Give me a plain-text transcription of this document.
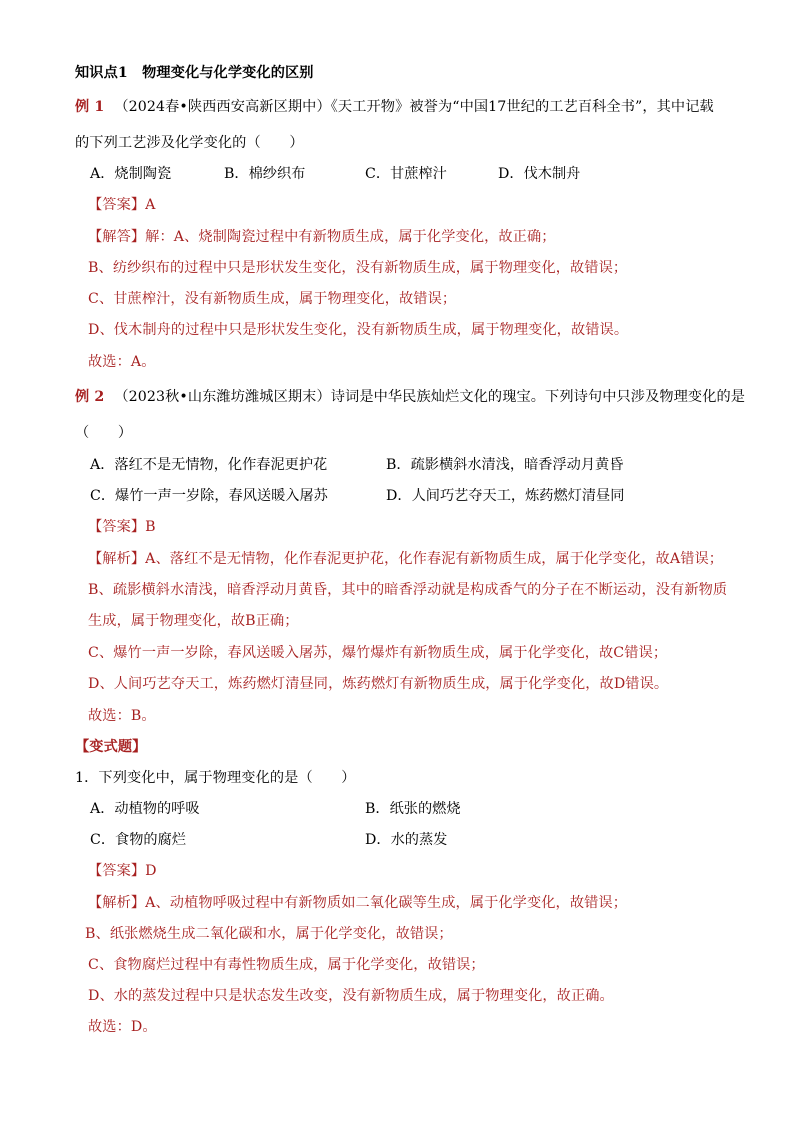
知识点1　物理变化与化学变化的区别
例 1 （2024春•陕西西安高新区期中）《天工开物》被誉为“中国17世纪的工艺百科全书”，其中记载
的下列工艺涉及化学变化的（　　）
A．烧制陶瓷	B．棉纱织布	C．甘蔗榨汁	D．伐木制舟
【答案】A
【解答】解：A、烧制陶瓷过程中有新物质生成，属于化学变化，故正确；
B、纺纱织布的过程中只是形状发生变化，没有新物质生成，属于物理变化，故错误；
C、甘蔗榨汁，没有新物质生成，属于物理变化，故错误；
D、伐木制舟的过程中只是形状发生变化，没有新物质生成，属于物理变化，故错误。
故选：A。
例 2 （2023秋•山东潍坊潍城区期末）诗词是中华民族灿烂文化的瑰宝。下列诗句中只涉及物理变化的是
（　　）
A．落红不是无情物，化作春泥更护花	B．疏影横斜水清浅，暗香浮动月黄昏
C．爆竹一声一岁除，春风送暖入屠苏	D．人间巧艺夺天工，炼药燃灯清昼同
【答案】B
【解析】A、落红不是无情物，化作春泥更护花，化作春泥有新物质生成，属于化学变化，故A错误；
B、疏影横斜水清浅，暗香浮动月黄昏，其中的暗香浮动就是构成香气的分子在不断运动，没有新物质
生成，属于物理变化，故B正确；
C、爆竹一声一岁除，春风送暖入屠苏，爆竹爆炸有新物质生成，属于化学变化，故C错误；
D、人间巧艺夺天工，炼药燃灯清昼同，炼药燃灯有新物质生成，属于化学变化，故D错误。
故选：B。
【变式题】
1．下列变化中，属于物理变化的是（　　）
A．动植物的呼吸	B．纸张的燃烧
C．食物的腐烂	D．水的蒸发
【答案】D
【解析】A、动植物呼吸过程中有新物质如二氧化碳等生成，属于化学变化，故错误；
B、纸张燃烧生成二氧化碳和水，属于化学变化，故错误；
C、食物腐烂过程中有毒性物质生成，属于化学变化，故错误；
D、水的蒸发过程中只是状态发生改变，没有新物质生成，属于物理变化，故正确。
故选：D。
